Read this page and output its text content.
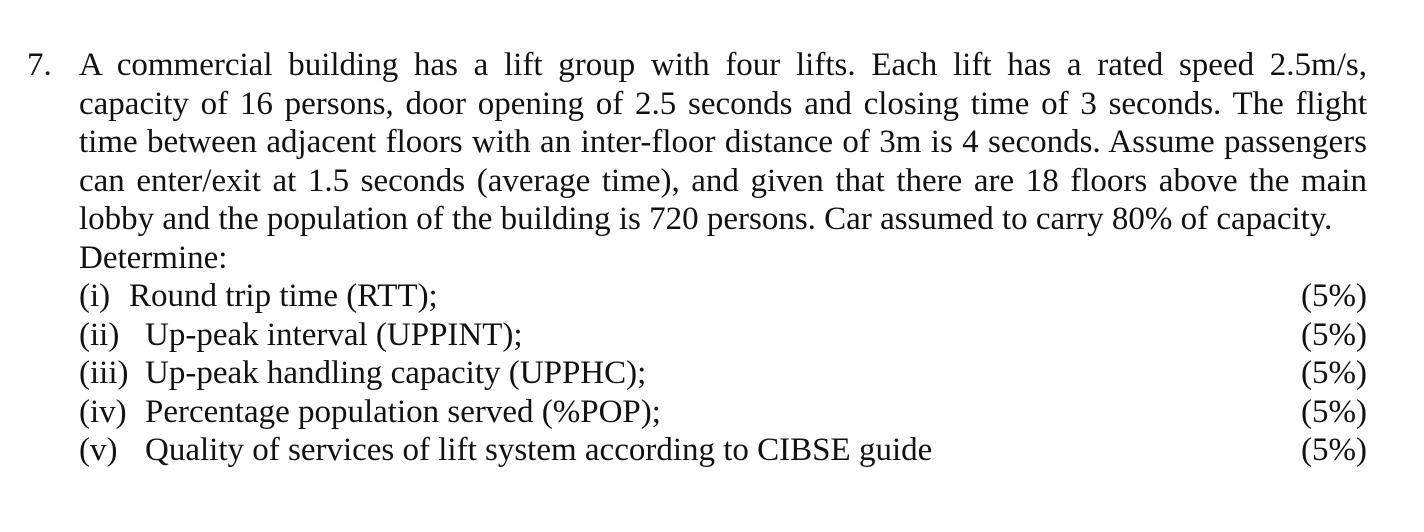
7. A commercial building has a lift group with four lifts. Each lift has a rated speed 2.5m/s,
capacity of 16 persons, door opening of 2.5 seconds and closing time of 3 seconds. The flight
time between adjacent floors with an inter-floor distance of 3m is 4 seconds. Assume passengers
can enter/exit at 1.5 seconds (average time), and given that there are 18 floors above the main
lobby and the population of the building is 720 persons. Car assumed to carry 80% of capacity.
Determine:
(i) Round trip time (RTT);	(5%)
(ii) Up-peak interval (UPPINT);	(5%)
(iii) Up-peak handling capacity (UPPHC);	(5%)
(iv) Percentage population served (%POP);	(5%)
(v) Quality of services of lift system according to CIBSE guide	(5%)
